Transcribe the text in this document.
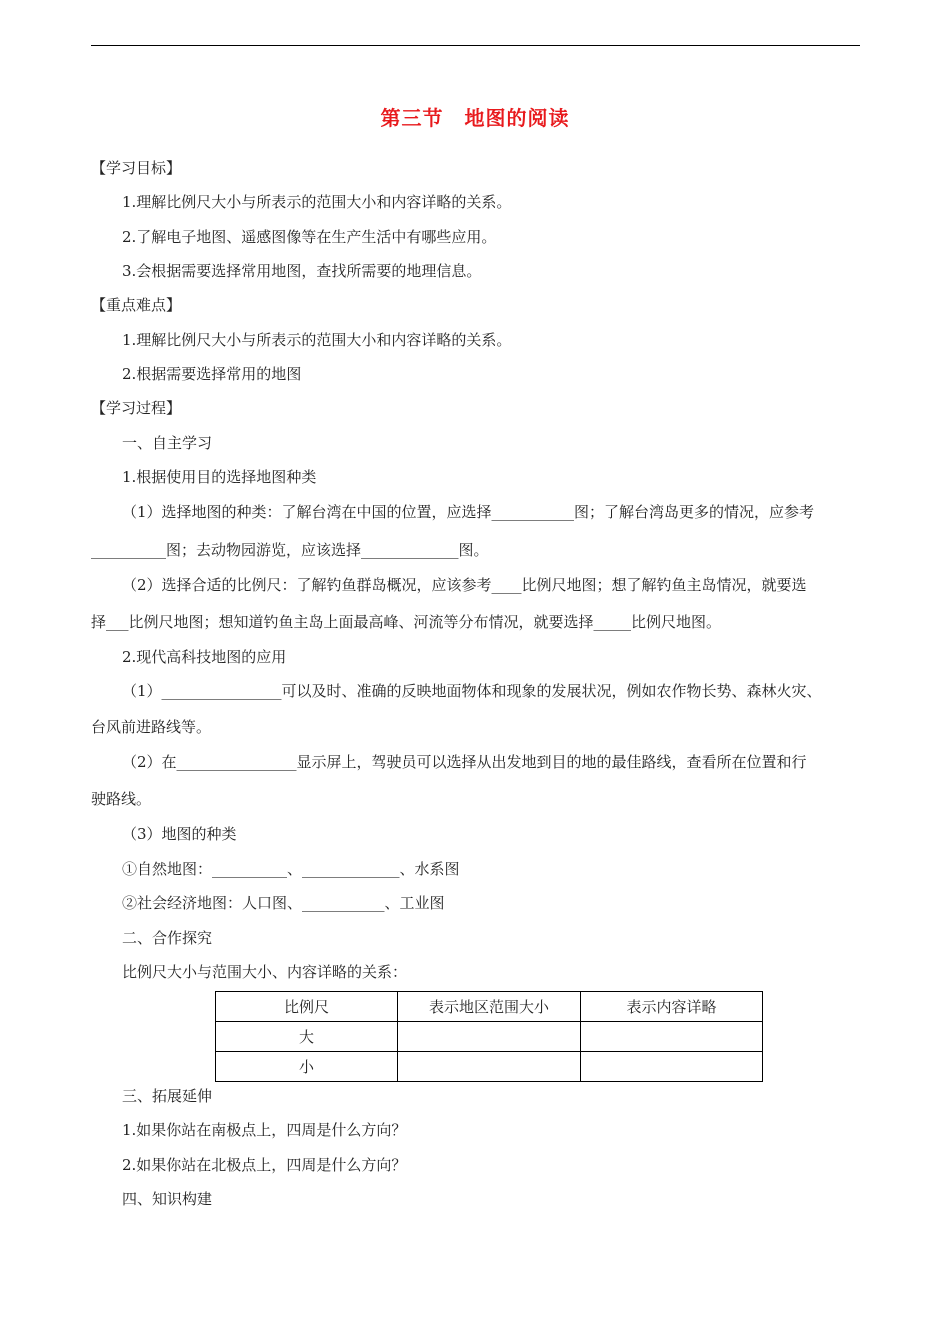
第三节　地图的阅读
【学习目标】
1.理解比例尺大小与所表示的范围大小和内容详略的关系。
2.了解电子地图、遥感图像等在生产生活中有哪些应用。
3.会根据需要选择常用地图，查找所需要的地理信息。
【重点难点】
1.理解比例尺大小与所表示的范围大小和内容详略的关系。
2.根据需要选择常用的地图
【学习过程】
一、自主学习
1.根据使用目的选择地图种类
（1）选择地图的种类：了解台湾在中国的位置，应选择___________图；了解台湾岛更多的情况，应参考
__________图；去动物园游览，应该选择_____________图。
（2）选择合适的比例尺：了解钓鱼群岛概况，应该参考____比例尺地图；想了解钓鱼主岛情况，就要选
择___比例尺地图；想知道钓鱼主岛上面最高峰、河流等分布情况，就要选择_____比例尺地图。
2.现代高科技地图的应用
（1）________________可以及时、准确的反映地面物体和现象的发展状况，例如农作物长势、森林火灾、
台风前进路线等。
（2）在________________显示屏上，驾驶员可以选择从出发地到目的地的最佳路线，查看所在位置和行
驶路线。
（3）地图的种类
①自然地图：__________、_____________、水系图
②社会经济地图：人口图、___________、工业图
二、合作探究
比例尺大小与范围大小、内容详略的关系：
比例尺	表示地区范围大小	表示内容详略
大		
小		
三、拓展延伸
1.如果你站在南极点上，四周是什么方向？
2.如果你站在北极点上，四周是什么方向？
四、知识构建
